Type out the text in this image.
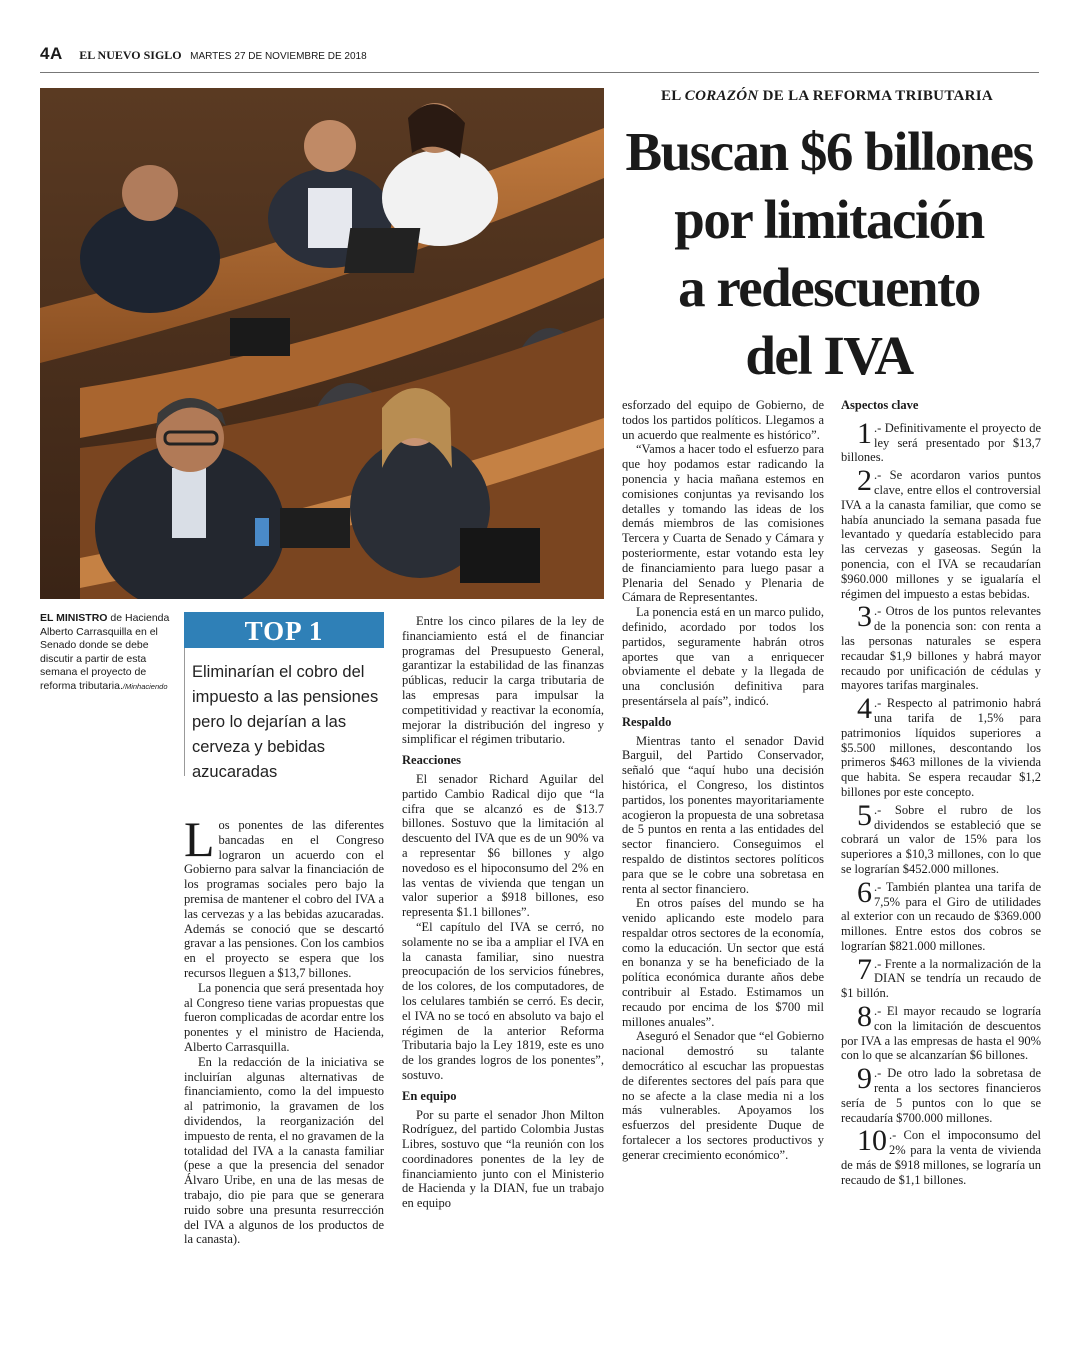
4A EL NUEVO SIGLO MARTES 27 DE NOVIEMBRE DE 2018
EL CORAZÓN DE LA REFORMA TRIBUTARIA
Buscan $6 billones
por limitación
a redescuento
del IVA
EL MINISTRO de Hacienda Alberto Carrasquilla en el Senado donde se debe discutir a partir de esta semana el proyecto de reforma tributaria./Minhaciendo
TOP 1
Eliminarían el cobro del impuesto a las pensiones pero lo dejarían a las cerveza y bebidas azucaradas

Los ponentes de las diferentes bancadas en el Congreso lograron un acuerdo con el Gobierno para salvar la financiación de los programas sociales pero bajo la premisa de mantener el cobro del IVA a las cervezas y a las bebidas azucaradas. Además se conoció que se descartó gravar a las pensiones. Con los cambios en el proyecto se espera que los recursos lleguen a $13,7 billones.

La ponencia que será presentada hoy al Congreso tiene varias propuestas que fueron complicadas de acordar entre los ponentes y el ministro de Hacienda, Alberto Carrasquilla.

En la redacción de la iniciativa se incluirían algunas alternativas de financiamiento, como la del impuesto al patrimonio, la gravamen de los dividendos, la reorganización del impuesto de renta, el no gravamen de la totalidad del IVA a la canasta familiar (pese a que la presencia del senador Álvaro Uribe, en una de las mesas de trabajo, dio pie para que se generara ruido sobre una presunta resurrección del IVA a algunos de los productos de la canasta).

Entre los cinco pilares de la ley de financiamiento está el de financiar programas del Presupuesto General, garantizar la estabilidad de las finanzas públicas, reducir la carga tributaria de las empresas para impulsar la competitividad y reactivar la economía, mejorar la distribución del ingreso y simplificar el régimen tributario.

Reacciones

El senador Richard Aguilar del partido Cambio Radical dijo que “la cifra que se alcanzó es de $13.7 billones. Sostuvo que la limitación al descuento del IVA que es de un 90% va a representar $6 billones y algo novedoso es el hipoconsumo del 2% en las ventas de vivienda que tengan un valor superior a $918 billones, eso representa $1.1 billones”.

“El capítulo del IVA se cerró, no solamente no se iba a ampliar el IVA en la canasta familiar, sino nuestra preocupación de los servicios fúnebres, de los colores, de los computadores, de los celulares también se cerró. Es decir, el IVA no se tocó en absoluto va bajo el régimen de la anterior Reforma Tributaria bajo la Ley 1819, este es uno de los grandes logros de los ponentes”, sostuvo.

En equipo

Por su parte el senador Jhon Milton Rodríguez, del partido Colombia Justas Libres, sostuvo que “la reunión con los coordinadores ponentes de la ley de financiamiento junto con el Ministerio de Hacienda y la DIAN, fue un trabajo en equipo

esforzado del equipo de Gobierno, de todos los partidos políticos. Llegamos a un acuerdo que realmente es histórico”.

“Vamos a hacer todo el esfuerzo para que hoy podamos estar radicando la ponencia y hacia mañana estemos en comisiones conjuntas ya revisando los detalles y tomando las ideas de los demás miembros de las comisiones Tercera y Cuarta de Senado y Cámara y posteriormente, estar votando esta ley de financiamiento para luego pasar a Plenaria del Senado y Plenaria de Cámara de Representantes.

La ponencia está en un marco pulido, definido, acordado por todos los partidos, seguramente habrán otros aportes que van a enriquecer obviamente el debate y la llegada de una conclusión definitiva para presentársela al país”, indicó.

Respaldo

Mientras tanto el senador David Barguil, del Partido Conservador, señaló que “aquí hubo una decisión histórica, el Congreso, los distintos partidos, los ponentes mayoritariamente acogieron la propuesta de una sobretasa de 5 puntos en renta a las entidades del sector financiero. Conseguimos el respaldo de distintos sectores políticos para que se le cobre una sobretasa en renta al sector financiero.

En otros países del mundo se ha venido aplicando este modelo para respaldar otros sectores de la economía, como la educación. Un sector que está en bonanza y se ha beneficiado de la política económica durante años debe contribuir al Estado. Estimamos un recaudo por encima de los $700 mil millones anuales”.

Aseguró el Senador que “el Gobierno nacional demostró su talante democrático al escuchar las propuestas de diferentes sectores del país para que no se afecte a la clase media ni a los más vulnerables. Apoyamos los esfuerzos del presidente Duque de fortalecer a los sectores productivos y generar crecimiento económico”.

Aspectos clave
1 .- Definitivamente el proyecto de ley será presentado por $13,7 billones.
2 .- Se acordaron varios puntos clave, entre ellos el controversial IVA a la canasta familiar, que como se había anunciado la semana pasada fue levantado y quedaría establecido para las cervezas y gaseosas. Según la ponencia, con el IVA se recaudarían $960.000 millones y se igualaría el régimen del impuesto a estas bebidas.
3 .- Otros de los puntos relevantes de la ponencia son: con renta a las personas naturales se espera recaudar $1,9 billones y habrá mayor recaudo por unificación de cédulas y mayores tarifas marginales.
4 .- Respecto al patrimonio habrá una tarifa de 1,5% para patrimonios líquidos superiores a $5.500 millones, descontando los primeros $463 millones de la vivienda que habita. Se espera recaudar $1,2 billones por este concepto.
5 .- Sobre el rubro de los dividendos se estableció que se cobrará un valor de 15% para los superiores a $10,3 millones, con lo que se lograrían $452.000 millones.
6 .- También plantea una tarifa de 7,5% para el Giro de utilidades al exterior con un recaudo de $369.000 millones. Entre estos dos cobros se lograrían $821.000 millones.
7 .- Frente a la normalización de la DIAN se tendría un recaudo de $1 billón.
8 .- El mayor recaudo se lograría con la limitación de descuentos por IVA a las empresas de hasta el 90% con lo que se alcanzarían $6 billones.
9 .- De otro lado la sobretasa de renta a los sectores financieros sería de 5 puntos con lo que se recaudaría $700.000 millones.
10 .- Con el impoconsumo del 2% para la venta de vivienda de más de $918 millones, se lograría un recaudo de $1,1 billones.
